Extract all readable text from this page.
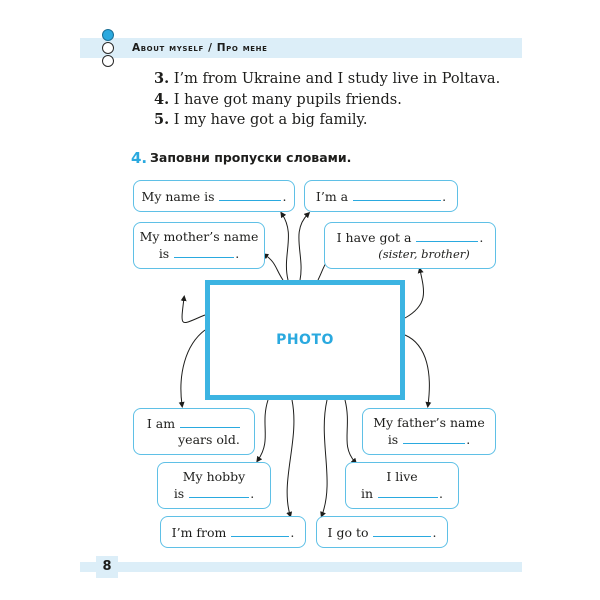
About myself / Про мене
3. I’m from Ukraine and I study live in Poltava.
4. I have got many pupils friends.
5. I my have got a big family.
4. Заповни пропуски словами.
My name is	.	I’m a	.
My mother’s name
is	.
I have got a	.
(sister, brother)
PHOTO
I am
years old.
My father’s name
is	.
My hobby
is	.
I live
in	.
I’m from	.	I go to	.
8
